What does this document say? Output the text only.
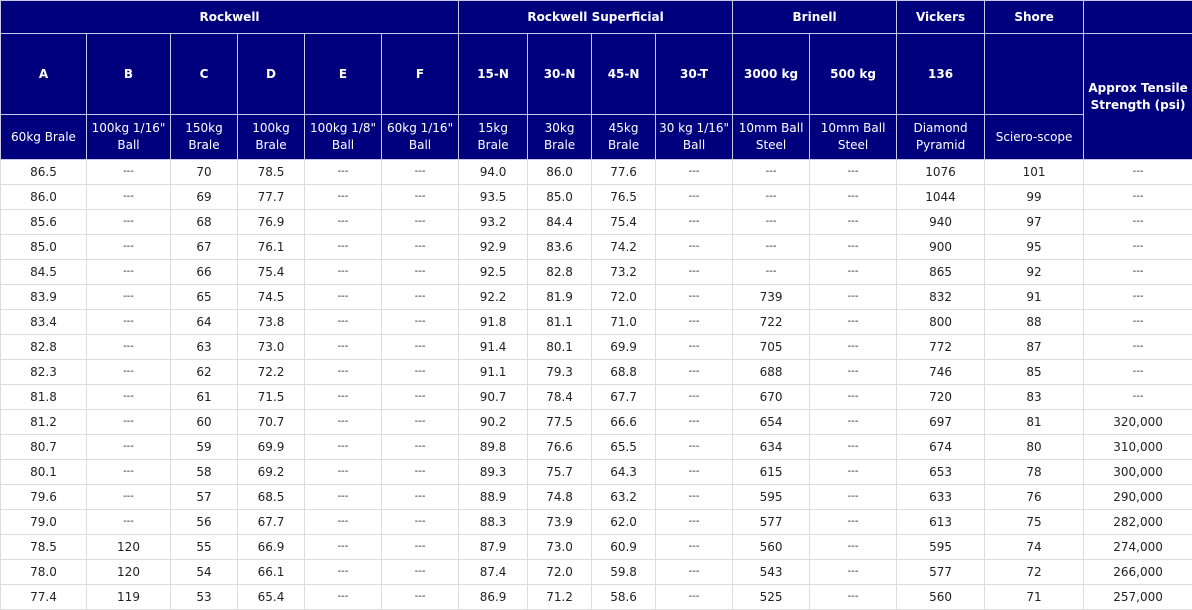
Rockwell						Rockwell Superficial				Brinell		Vickers	Shore	
A	B	C	D	E	F	15-N	30-N	45-N	30-T	3000 kg	500 kg	136		Approx Tensile Strength (psi)
60kg Brale	100kg 1/16" Ball	150kg Brale	100kg Brale	100kg 1/8" Ball	60kg 1/16" Ball	15kg Brale	30kg Brale	45kg Brale	30 kg 1/16" Ball	10mm Ball Steel	10mm Ball Steel	Diamond Pyramid	Sciero-scope	
86.5	---	70	78.5	---	---	94.0	86.0	77.6	---	---	---	1076	101	---
86.0	---	69	77.7	---	---	93.5	85.0	76.5	---	---	---	1044	99	---
85.6	---	68	76.9	---	---	93.2	84.4	75.4	---	---	---	940	97	---
85.0	---	67	76.1	---	---	92.9	83.6	74.2	---	---	---	900	95	---
84.5	---	66	75.4	---	---	92.5	82.8	73.2	---	---	---	865	92	---
83.9	---	65	74.5	---	---	92.2	81.9	72.0	---	739	---	832	91	---
83.4	---	64	73.8	---	---	91.8	81.1	71.0	---	722	---	800	88	---
82.8	---	63	73.0	---	---	91.4	80.1	69.9	---	705	---	772	87	---
82.3	---	62	72.2	---	---	91.1	79.3	68.8	---	688	---	746	85	---
81.8	---	61	71.5	---	---	90.7	78.4	67.7	---	670	---	720	83	---
81.2	---	60	70.7	---	---	90.2	77.5	66.6	---	654	---	697	81	320,000
80.7	---	59	69.9	---	---	89.8	76.6	65.5	---	634	---	674	80	310,000
80.1	---	58	69.2	---	---	89.3	75.7	64.3	---	615	---	653	78	300,000
79.6	---	57	68.5	---	---	88.9	74.8	63.2	---	595	---	633	76	290,000
79.0	---	56	67.7	---	---	88.3	73.9	62.0	---	577	---	613	75	282,000
78.5	120	55	66.9	---	---	87.9	73.0	60.9	---	560	---	595	74	274,000
78.0	120	54	66.1	---	---	87.4	72.0	59.8	---	543	---	577	72	266,000
77.4	119	53	65.4	---	---	86.9	71.2	58.6	---	525	---	560	71	257,000
